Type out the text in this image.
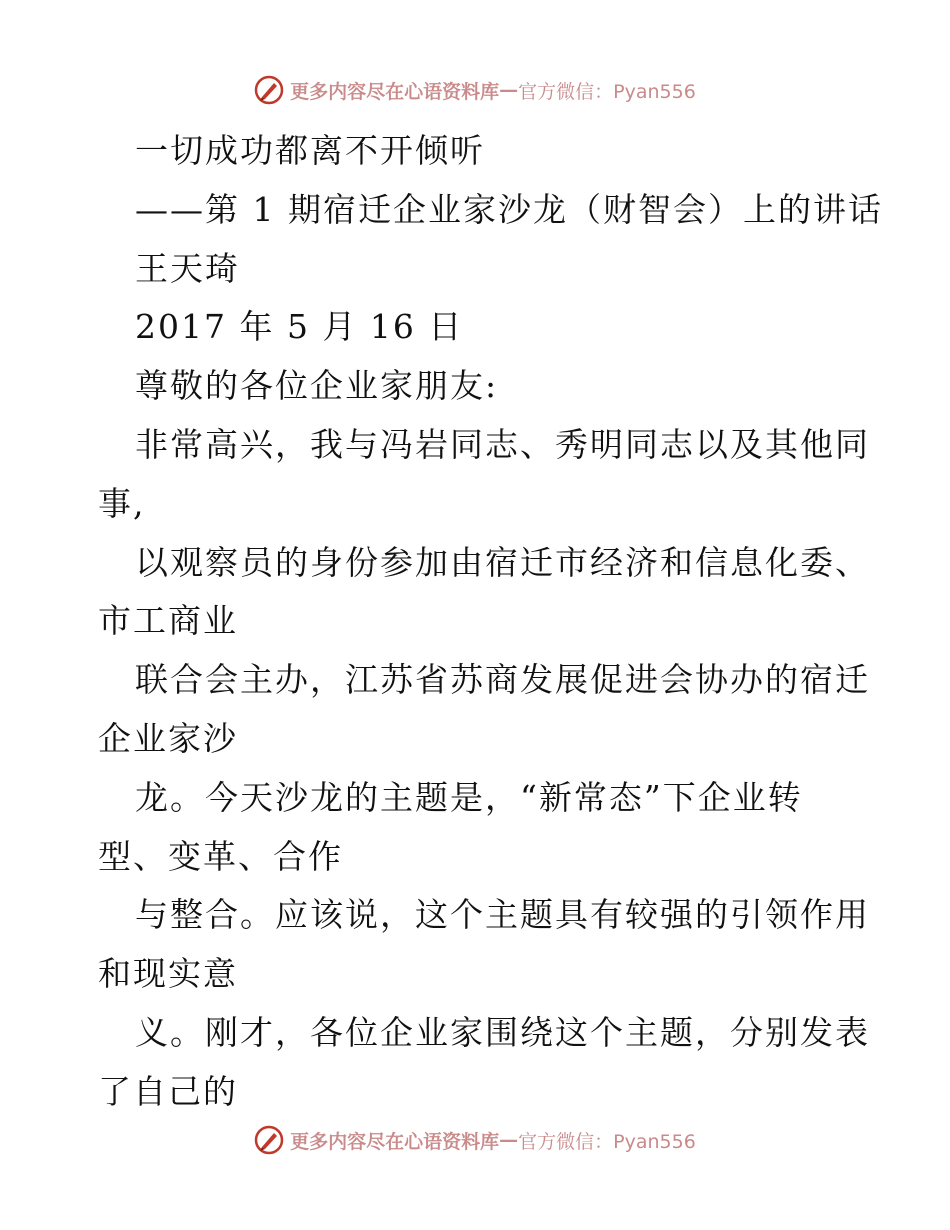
更多内容尽在心语资料库 — 官方微信：Pyan556
一切成功都离不开倾听
——第 1 期宿迁企业家沙龙（财智会）上的讲话
王天琦
2017 年 5 月 16 日
尊敬的各位企业家朋友:
非常高兴，我与冯岩同志、秀明同志以及其他同
事,
以观察员的身份参加由宿迁市经济和信息化委、
市工商业
联合会主办，江苏省苏商发展促进会协办的宿迁
企业家沙
龙。今天沙龙的主题是，“新常态”下企业转
型、变革、合作
与整合。应该说，这个主题具有较强的引领作用
和现实意
义。刚才，各位企业家围绕这个主题，分别发表
了自己的
更多内容尽在心语资料库 — 官方微信：Pyan556
